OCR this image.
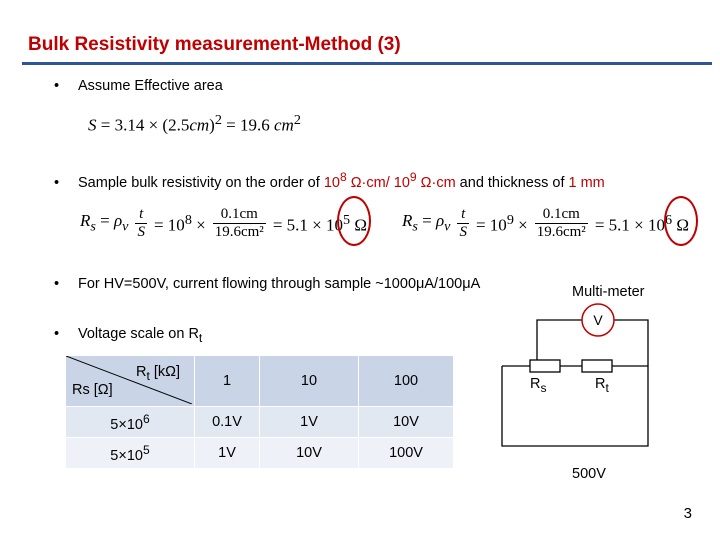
Bulk Resistivity measurement-Method (3)
• Assume Effective area
$S = 3.14 \times (2.5cm)^2 = 19.6$ $cm^2$
• Sample bulk resistivity on the order of $10^8$ Ω·cm/ $10^9$ Ω·cm and thickness of 1 mm
$R_s = \rho_v \frac{t}{S} = 10^8 \times \frac{0.1cm}{\text{19.6cm²}} = 5.1 \times 10^5$ Ω $R_s = \rho_v \frac{t}{S} = 10^9 \times \frac{0.1cm}{\text{19.6cm²}} = 5.1 \times 10^6$ Ω
• For HV=500V, current flowing through sample ~1000μA/100μA
• Voltage scale on $R_t$
$R_t$ [kΩ]
Rs [Ω]	1	10	100
$5\times 10^6$	0.1V	1V	10V
$5\times 10^5$	1V	10V	100V
Multi-meter
V
$R_s$	$R_t$
500V
3
